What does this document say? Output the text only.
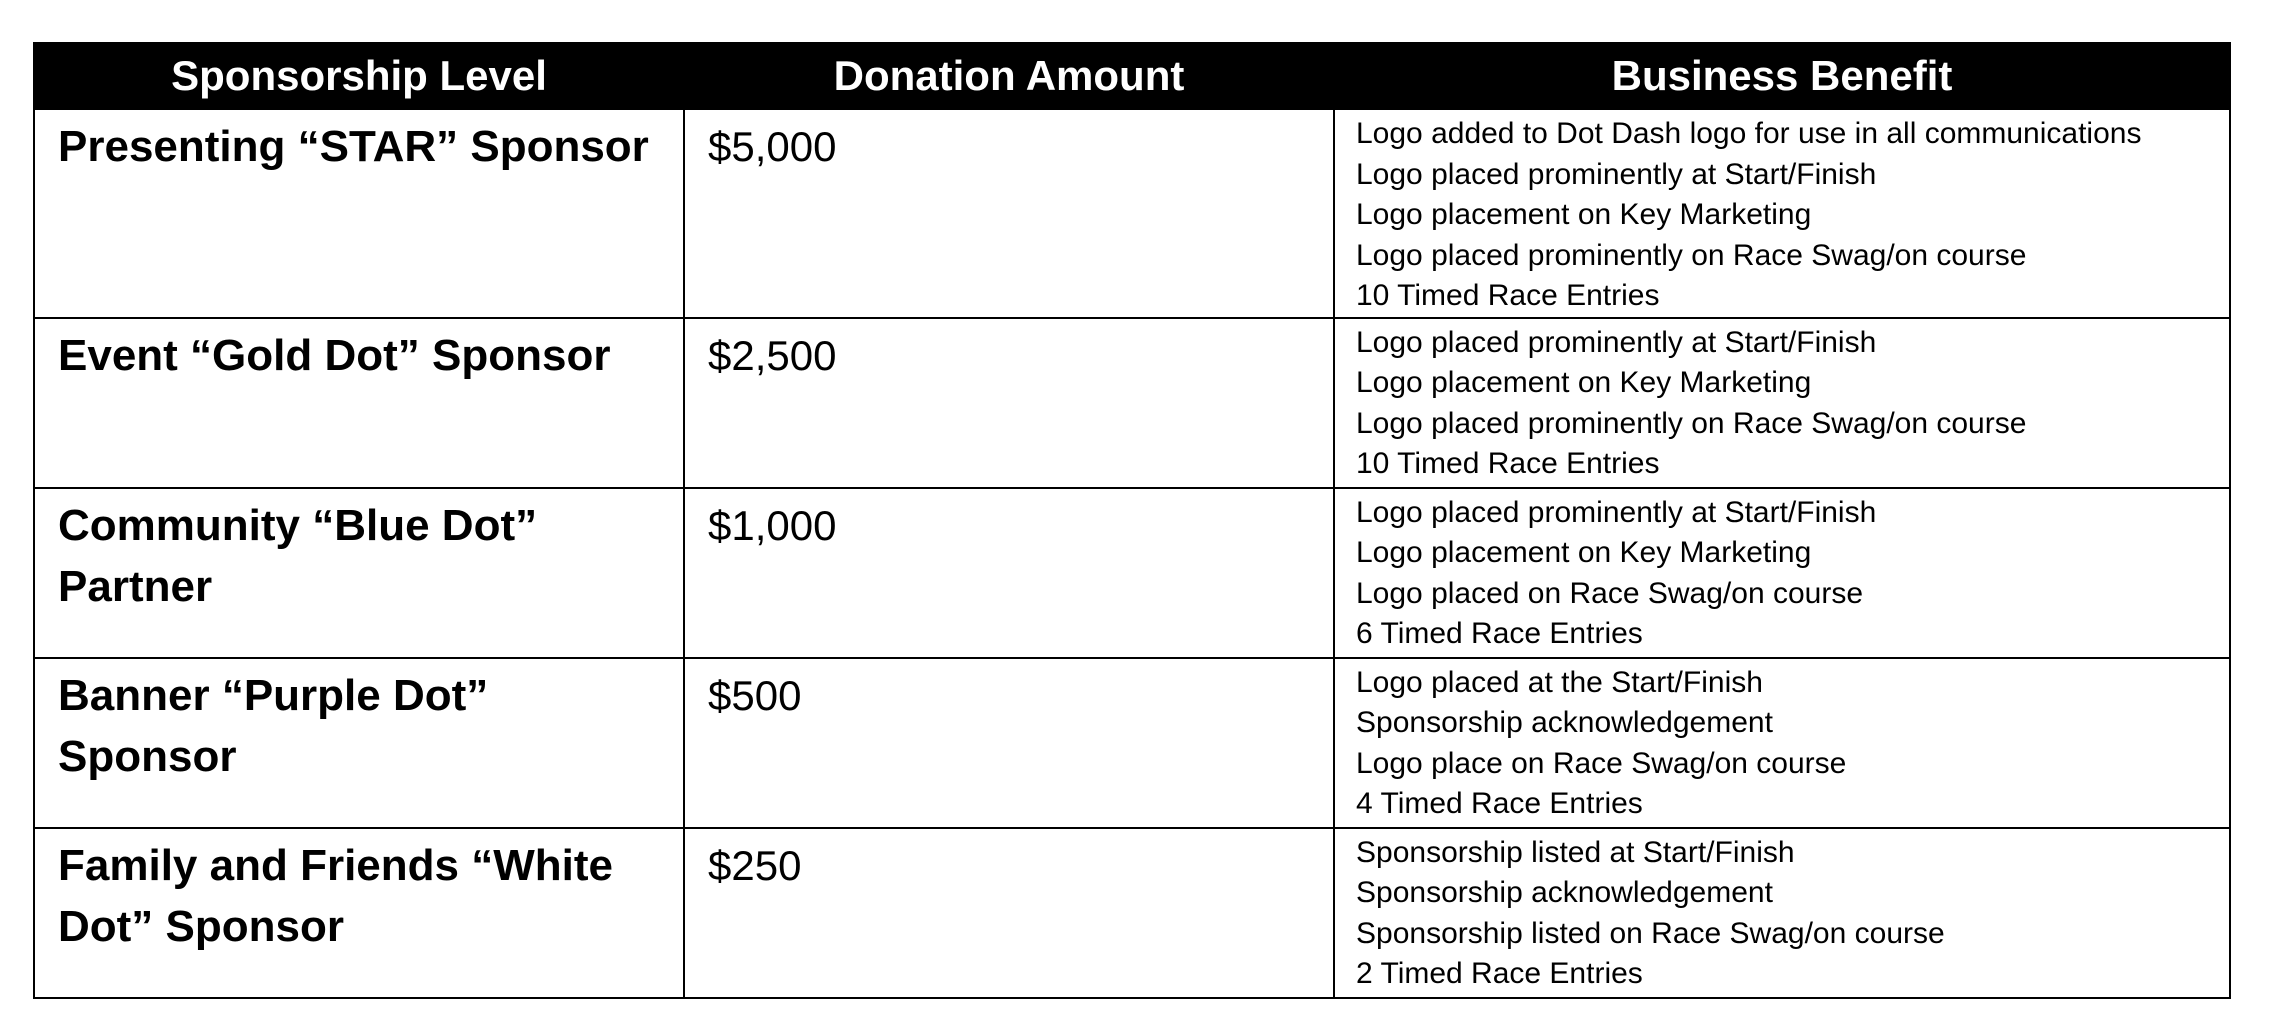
Sponsorship Level	Donation Amount	Business Benefit
Presenting “STAR” Sponsor	$5,000	Logo added to Dot Dash logo for use in all communications
Logo placed prominently at Start/Finish
Logo placement on Key Marketing
Logo placed prominently on Race Swag/on course
10 Timed Race Entries

Event “Gold Dot” Sponsor	$2,500	Logo placed prominently at Start/Finish
Logo placement on Key Marketing
Logo placed prominently on Race Swag/on course
10 Timed Race Entries

Community “Blue Dot” Partner	$1,000	Logo placed prominently at Start/Finish
Logo placement on Key Marketing
Logo placed on Race Swag/on course
6 Timed Race Entries

Banner “Purple Dot” Sponsor	$500	Logo placed at the Start/Finish
Sponsorship acknowledgement
Logo place on Race Swag/on course
4 Timed Race Entries

Family and Friends “White Dot” Sponsor	$250	Sponsorship listed at Start/Finish
Sponsorship acknowledgement
Sponsorship listed on Race Swag/on course
2 Timed Race Entries
